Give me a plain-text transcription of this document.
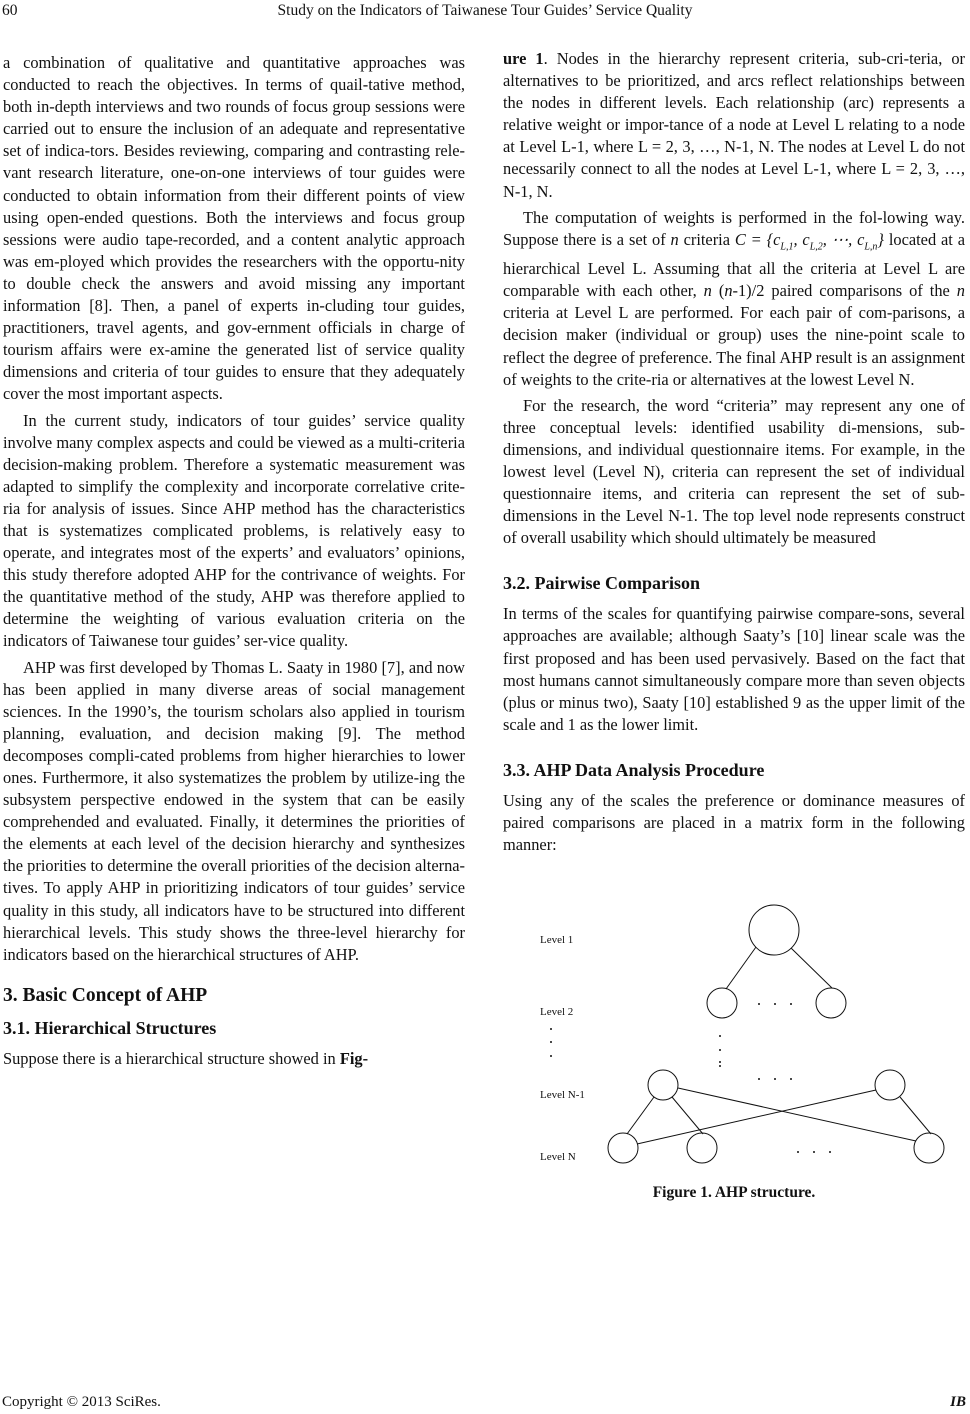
60	Study on the Indicators of Taiwanese Tour Guides’ Service Quality

a combination of qualitative and quantitative approaches was conducted to reach the objectives. In terms of quail-tative method, both in-depth interviews and two rounds of focus group sessions were carried out to ensure the inclusion of an adequate and representative set of indica-tors. Besides reviewing, comparing and contrasting rele-vant research literature, one-on-one interviews of tour guides were conducted to obtain information from their different points of view using open-ended questions. Both the interviews and focus group sessions were audio tape-recorded, and a content analytic approach was em-ployed which provides the researchers with the opportu-nity to double check the answers and avoid missing any important information [8]. Then, a panel of experts in-cluding tour guides, practitioners, travel agents, and gov-ernment officials in charge of tourism affairs were ex-amine the generated list of service quality dimensions and criteria of tour guides to ensure that they adequately cover the most important aspects.

In the current study, indicators of tour guides’ service quality involve many complex aspects and could be viewed as a multi-criteria decision-making problem. Therefore a systematic measurement was adapted to simplify the complexity and incorporate correlative crite-ria for analysis of issues. Since AHP method has the characteristics that is systematizes complicated problems, is relatively easy to operate, and integrates most of the experts’ and evaluators’ opinions, this study therefore adopted AHP for the contrivance of weights. For the quantitative method of the study, AHP was therefore applied to determine the weighting of various evaluation criteria on the indicators of Taiwanese tour guides’ ser-vice quality.

AHP was first developed by Thomas L. Saaty in 1980 [7], and now has been applied in many diverse areas of social management sciences. In the 1990’s, the tourism scholars also applied in tourism planning, evaluation, and decision making [9]. The method decomposes compli-cated problems from higher hierarchies to lower ones. Furthermore, it also systematizes the problem by utilize-ing the subsystem perspective endowed in the system that can be easily comprehended and evaluated. Finally, it determines the priorities of the elements at each level of the decision hierarchy and synthesizes the priorities to determine the overall priorities of the decision alterna-tives. To apply AHP in prioritizing indicators of tour guides’ service quality in this study, all indicators have to be structured into different hierarchical levels. This study shows the three-level hierarchy for indicators based on the hierarchical structures of AHP.

3. Basic Concept of AHP
3.1. Hierarchical Structures

Suppose there is a hierarchical structure showed in Fig-

ure 1. Nodes in the hierarchy represent criteria, sub-cri-teria, or alternatives to be prioritized, and arcs reflect relationships between the nodes in different levels. Each relationship (arc) represents a relative weight or impor-tance of a node at Level L relating to a node at Level L-1, where L = 2, 3, …, N-1, N. The nodes at Level L do not necessarily connect to all the nodes at Level L-1, where L = 2, 3, …, N-1, N.

The computation of weights is performed in the fol-lowing way. Suppose there is a set of n criteria $C = \{c_{L,1}$, $c_{L,2}$, ⋯, $c_{L,n}$} located at a hierarchical Level L. Assuming that all the criteria at Level L are comparable with each other, n (n-1)/2 paired comparisons of the n criteria at Level L are performed. For each pair of com-parisons, a decision maker (individual or group) uses the nine-point scale to reflect the degree of preference. The final AHP result is an assignment of weights to the crite-ria or alternatives at the lowest Level N.

For the research, the word “criteria” may represent any one of three conceptual levels: identified usability di-mensions, sub-dimensions, and individual questionnaire items. For example, in the lowest level (Level N), criteria can represent the set of individual questionnaire items, and criteria can represent the set of sub-dimensions in the Level N-1. The top level node represents construct of overall usability which should ultimately be measured

3.2. Pairwise Comparison

In terms of the scales for quantifying pairwise compare-sons, several approaches are available; although Saaty’s [10] linear scale was the first proposed and has been used pervasively. Based on the fact that most humans cannot simultaneously compare more than seven objects (plus or minus two), Saaty [10] established 9 as the upper limit of the scale and 1 as the lower limit.

3.3. AHP Data Analysis Procedure

Using any of the scales the preference or dominance measures of paired comparisons are placed in a matrix form in the following manner:

Level 1
Level 2
Level N-1
Level N
Figure 1. AHP structure.
Copyright © 2013 SciRes.	IB
